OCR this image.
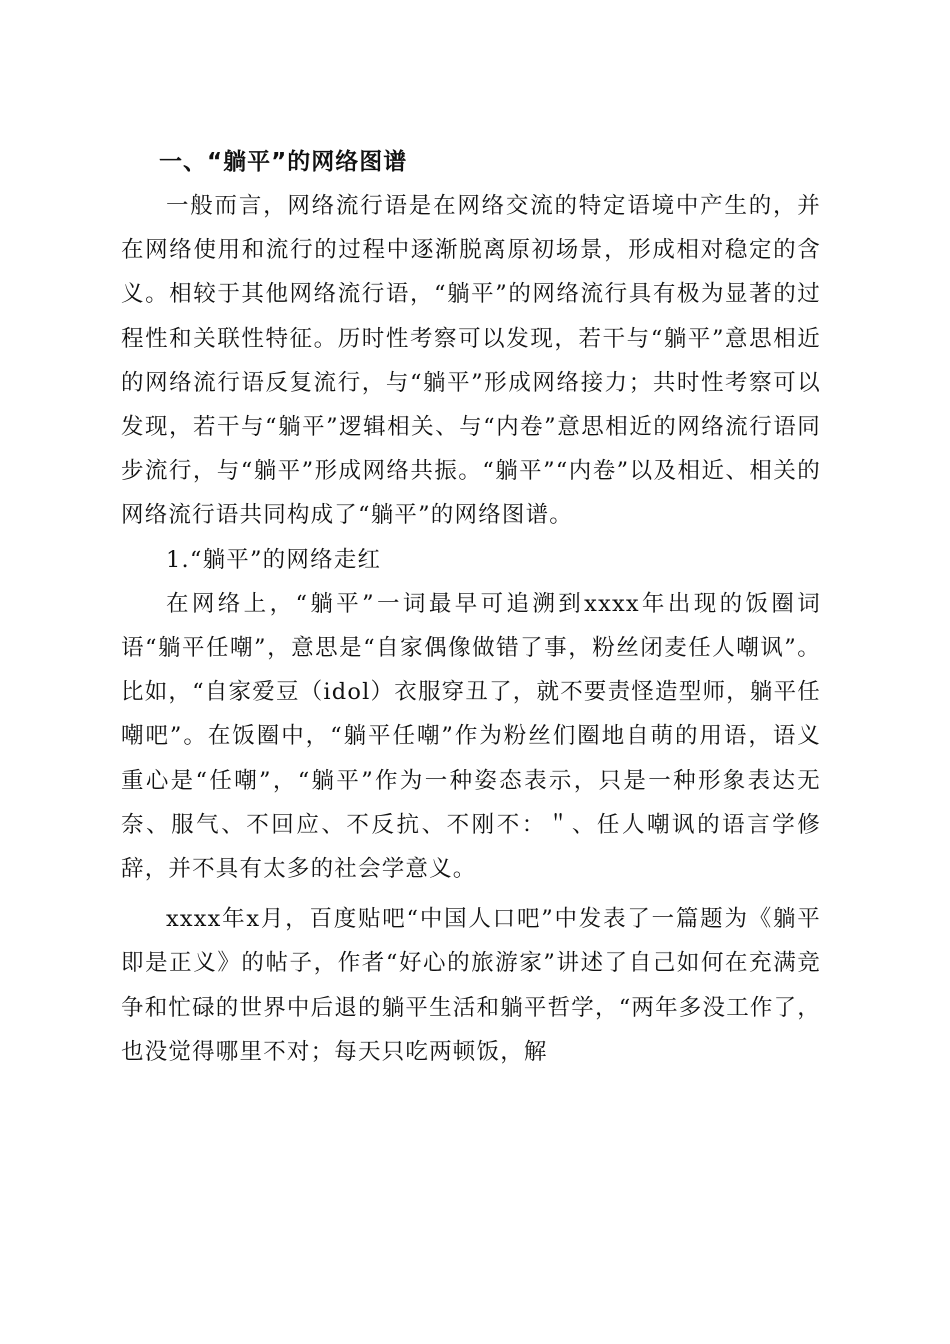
一、“躺平”的网络图谱

一般而言，网络流行语是在网络交流的特定语境中产生的，并在网络使用和流行的过程中逐渐脱离原初场景，形成相对稳定的含义。相较于其他网络流行语，“躺平”的网络流行具有极为显著的过程性和关联性特征。历时性考察可以发现，若干与“躺平”意思相近的网络流行语反复流行，与“躺平”形成网络接力；共时性考察可以发现，若干与“躺平”逻辑相关、与“内卷”意思相近的网络流行语同步流行，与“躺平”形成网络共振。“躺平”“内卷”以及相近、相关的网络流行语共同构成了“躺平”的网络图谱。

1.“躺平”的网络走红

在网络上，“躺平”一词最早可追溯到xxxx年出现的饭圈词语“躺平任嘲”，意思是“自家偶像做错了事，粉丝闭麦任人嘲讽”。比如，“自家爱豆（idol）衣服穿丑了，就不要责怪造型师，躺平任嘲吧”。在饭圈中，“躺平任嘲”作为粉丝们圈地自萌的用语，语义重心是“任嘲”，“躺平”作为一种姿态表示，只是一种形象表达无奈、服气、不回应、不反抗、不刚不：＂、任人嘲讽的语言学修辞，并不具有太多的社会学意义。

xxxx年x月，百度贴吧“中国人口吧”中发表了一篇题为《躺平即是正义》的帖子，作者“好心的旅游家”讲述了自己如何在充满竞争和忙碌的世界中后退的躺平生活和躺平哲学，“两年多没工作了，也没觉得哪里不对；每天只吃两顿饭，解
